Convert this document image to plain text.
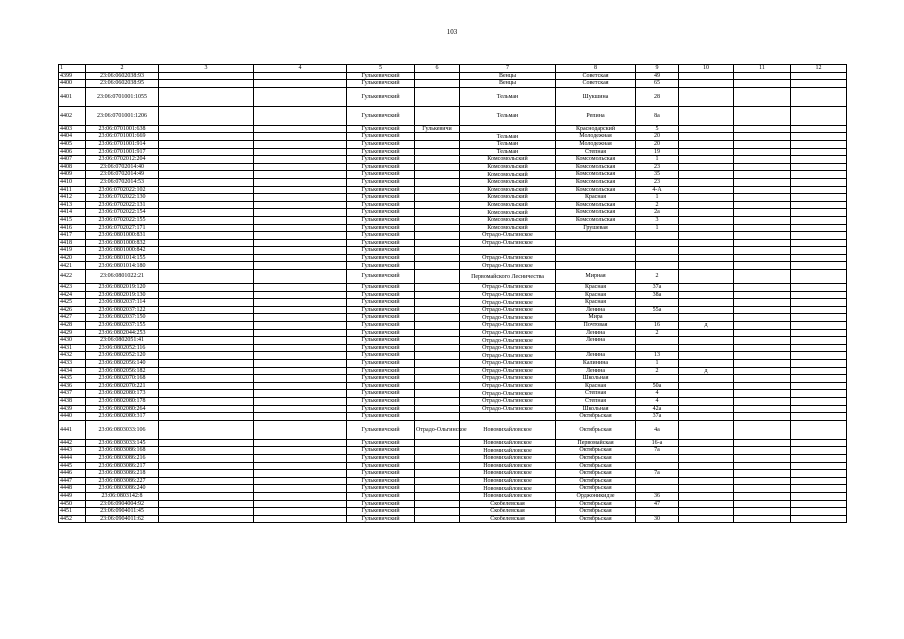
103
1	2	3	4	5	6	7	8	9	10	11	12
4399	23:06:0602038:93			Гулькевичский		Венцы	Советская	49			
4400	23:06:0602038:95			Гулькевичский		Венцы	Советская	65			
4401	23:06:0701001:1055			Гулькевичский		Тельман	Шукшина	28			
4402	23:06:0701001:1206			Гулькевичский		Тельман	Репина	8а			
4403	23:06:0701001:638			Гулькевичский	Гулькевичи		Краснодарский	5			
4404	23:06:0701001:669			Гулькевичский		Тельман	Молодежная	20			
4405	23:06:0701001:914			Гулькевичский		Тельман	Молодежная	20			
4406	23:06:0701001:917			Гулькевичский		Тельман	Степная	19			
4407	23:06:0702012:204			Гулькевичский		Комсомольский	Комсомольская	1			
4408	23:06:0702014:40			Гулькевичский		Комсомольский	Комсомольская	23			
4409	23:06:0702014:49			Гулькевичский		Комсомольский	Комсомольская	35			
4410	23:06:0702014:53			Гулькевичский		Комсомольский	Комсомольская	23			
4411	23:06:0702022:102			Гулькевичский		Комсомольский	Комсомольская	4-А			
4412	23:06:0702022:130			Гулькевичский		Комсомольский	Красная	1			
4413	23:06:0702022:131			Гулькевичский		Комсомольский	Комсомольская	2			
4414	23:06:0702022:154			Гулькевичский		Комсомольский	Комсомольская	2а			
4415	23:06:0702022:155			Гулькевичский		Комсомольский	Комсомольская	3			
4416	23:06:0702027:171			Гулькевичский		Комсомольский	Грушевая	1			
4417	23:06:0801000:831			Гулькевичский		Отрадо-Ольгинское					
4418	23:06:0801000:832			Гулькевичский		Отрадо-Ольгинское					
4419	23:06:0801000:842			Гулькевичский							
4420	23:06:0801014:155			Гулькевичский		Отрадо-Ольгинское					
4421	23:06:0801014:180			Гулькевичский		Отрадо-Ольгинское					
4422	23:06:0801022:21			Гулькевичский		Первомайского Лесничества	Мирная	2			
4423	23:06:0802019:120			Гулькевичский		Отрадо-Ольгинское	Красная	37а			
4424	23:06:0802019:130			Гулькевичский		Отрадо-Ольгинское	Красная	38а			
4425	23:06:0802037:114			Гулькевичский		Отрадо-Ольгинское	Красная				
4426	23:06:0802037:122			Гулькевичский		Отрадо-Ольгинское	Ленина	55а			
4427	23:06:0802037:150			Гулькевичский		Отрадо-Ольгинское	Мира				
4428	23:06:0802037:155			Гулькевичский		Отрадо-Ольгинское	Почтовая	16	д		
4429	23:06:0802044:253			Гулькевичский		Отрадо-Ольгинское	Ленина	2			
4430	23:06:0802051:41			Гулькевичский		Отрадо-Ольгинское	Ленина				
4431	23:06:0802052:116			Гулькевичский		Отрадо-Ольгинское					
4432	23:06:0802052:120			Гулькевичский		Отрадо-Ольгинское	Ленина	13			
4433	23:06:0802056:140			Гулькевичский		Отрадо-Ольгинское	Калинина	1			
4434	23:06:0802056:182			Гулькевичский		Отрадо-Ольгинское	Ленина	2	д		
4435	23:06:0802070:168			Гулькевичский		Отрадо-Ольгинское	Школьная				
4436	23:06:0802070:221			Гулькевичский		Отрадо-Ольгинское	Красная	50а			
4437	23:06:0802080:173			Гулькевичский		Отрадо-Ольгинское	Степная	4			
4438	23:06:0802080:178			Гулькевичский		Отрадо-Ольгинское	Степная	4			
4439	23:06:0802080:264			Гулькевичский		Отрадо-Ольгинское	Школьная	42а			
4440	23:06:0802080:317			Гулькевичский			Октябрьская	37а			
4441	23:06:0803033:106			Гулькевичский	Отрадо-Ольгинское	Новомихайловское	Октябрьская	4а			
4442	23:06:0803033:145			Гулькевичский		Новомихайловское	Первомайская	16-а			
4443	23:06:0803086:168			Гулькевичский		Новомихайловское	Октябрьская	7а			
4444	23:06:0803086:216			Гулькевичский		Новомихайловское	Октябрьская				
4445	23:06:0803086:217			Гулькевичский		Новомихайловское	Октябрьская				
4446	23:06:0803086:218			Гулькевичский		Новомихайловское	Октябрьская	7а			
4447	23:06:0803086:227			Гулькевичский		Новомихайловское	Октябрьская				
4448	23:06:0803086:240			Гулькевичский		Новомихайловское	Октябрьская				
4449	23:06:0803142:8			Гулькевичский		Новомихайловское	Орджоникидзе	36			
4450	23:06:0904004:92			Гулькевичский		Скобелевская	Октябрьская	47			
4451	23:06:0904011:45			Гулькевичский		Скобелевская	Октябрьская				
4452	23:06:0904011:62			Гулькевичский		Скобелевская	Октябрьская	30			
